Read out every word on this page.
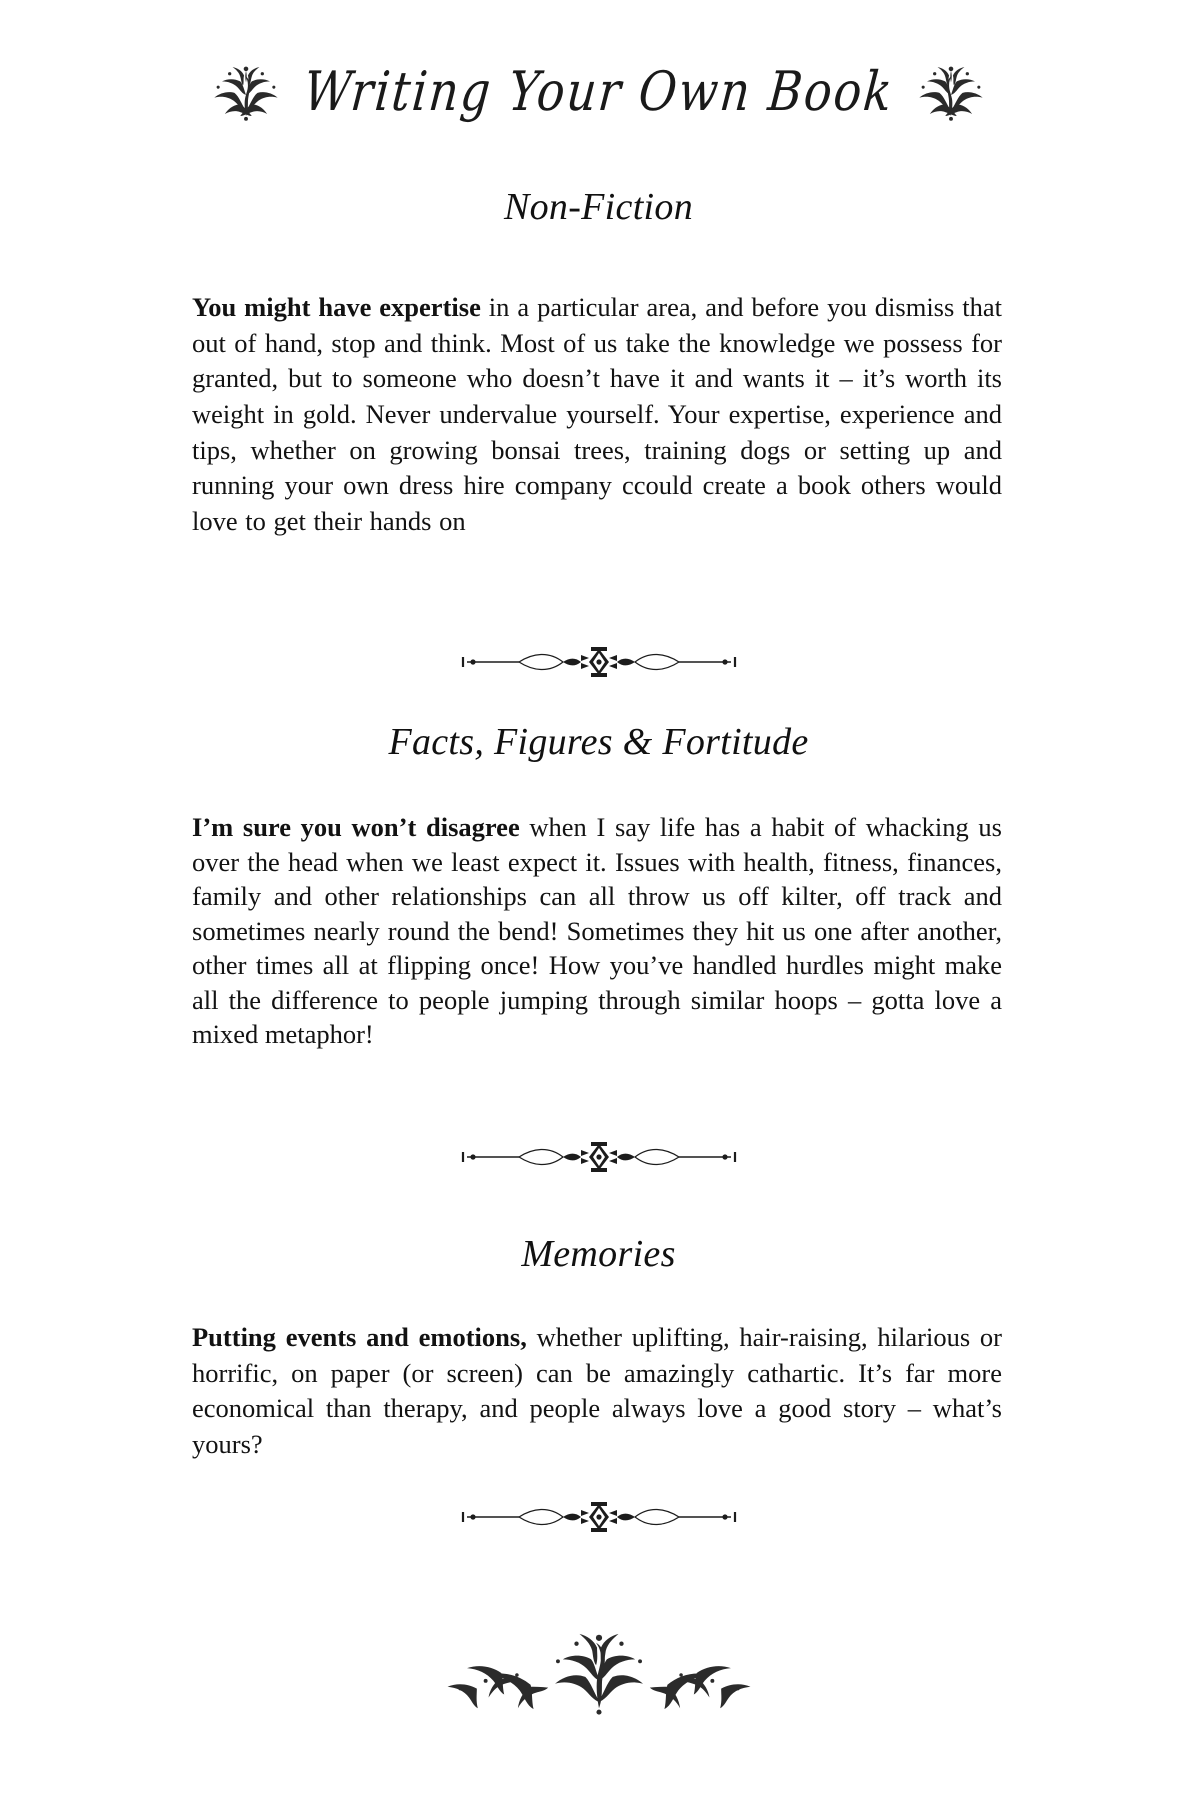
Writing Your Own Book
Non-Fiction

You might have expertise in a particular area, and before you dismiss that out of hand, stop and think. Most of us take the knowledge we possess for granted, but to someone who doesn’t have it and wants it – it’s worth its weight in gold. Never undervalue yourself. Your expertise, experience and tips, whether on growing bonsai trees, training dogs or setting up and running your own dress hire company ccould create a book others would love to get their hands on

Facts, Figures & Fortitude

I’m sure you won’t disagree when I say life has a habit of whacking us over the head when we least expect it. Issues with health, fitness, finances, family and other relationships can all throw us off kilter, off track and sometimes nearly round the bend! Sometimes they hit us one after another, other times all at flipping once! How you’ve handled hurdles might make all the difference to people jumping through similar hoops – gotta love a mixed metaphor!

Memories

Putting events and emotions, whether uplifting, hair-raising, hilarious or horrific, on paper (or screen) can be amazingly cathartic. It’s far more economical than therapy, and people always love a good story – what’s yours?
